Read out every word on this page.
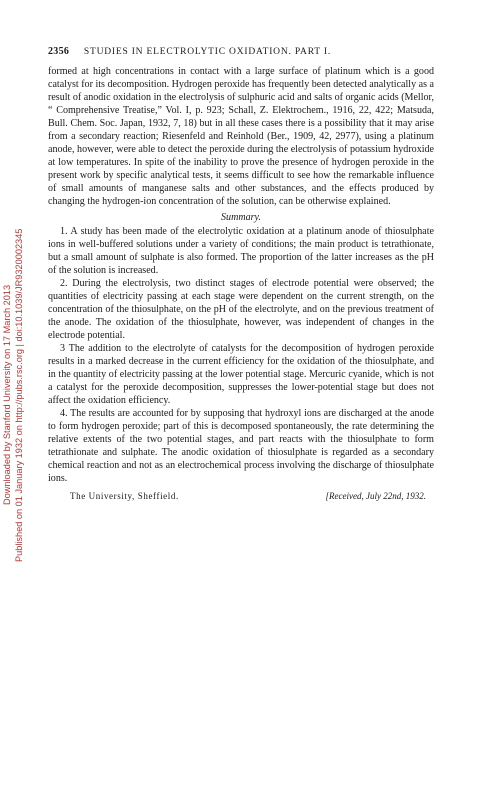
Downloaded by Stanford University on 17 March 2013 Published on 01 January 1932 on http://pubs.rsc.org | doi:10.1039/JR9320002345
2356 STUDIES IN ELECTROLYTIC OXIDATION. PART I.

formed at high concentrations in contact with a large surface of platinum which is a good catalyst for its decomposition. Hydrogen peroxide has frequently been detected analytically as a result of anodic oxidation in the electrolysis of sulphuric acid and salts of organic acids (Mellor, “ Comprehensive Treatise,” Vol. I, p. 923; Schall, Z. Elektrochem., 1916, 22, 422; Matsuda, Bull. Chem. Soc. Japan, 1932, 7, 18) but in all these cases there is a possibility that it may arise from a secondary reaction; Riesenfeld and Reinhold (Ber., 1909, 42, 2977), using a platinum anode, however, were able to detect the peroxide during the electrolysis of potassium hydroxide at low temperatures. In spite of the inability to prove the presence of hydrogen peroxide in the present work by specific analytical tests, it seems difficult to see how the remarkable influence of small amounts of manganese salts and other substances, and the effects produced by changing the hydrogen-ion concentration of the solution, can be otherwise explained.

Summary.

1. A study has been made of the electrolytic oxidation at a platinum anode of thiosulphate ions in well-buffered solutions under a variety of conditions; the main product is tetrathionate, but a small amount of sulphate is also formed. The proportion of the latter increases as the pH of the solution is increased.

2. During the electrolysis, two distinct stages of electrode potential were observed; the quantities of electricity passing at each stage were dependent on the current strength, on the concentration of the thiosulphate, on the pH of the electrolyte, and on the previous treatment of the anode. The oxidation of the thiosulphate, however, was independent of changes in the electrode potential.

3 The addition to the electrolyte of catalysts for the decomposition of hydrogen peroxide results in a marked decrease in the current efficiency for the oxidation of the thiosulphate, and in the quantity of electricity passing at the lower potential stage. Mercuric cyanide, which is not a catalyst for the peroxide decomposition, suppresses the lower-potential stage but does not affect the oxidation efficiency.

4. The results are accounted for by supposing that hydroxyl ions are discharged at the anode to form hydrogen peroxide; part of this is decomposed spontaneously, the rate determining the relative extents of the two potential stages, and part reacts with the thiosulphate to form tetrathionate and sulphate. The anodic oxidation of thiosulphate is regarded as a secondary chemical reaction and not as an electrochemical process involving the discharge of thiosulphate ions.

The University, Sheffield.	[Received, July 22nd, 1932.
